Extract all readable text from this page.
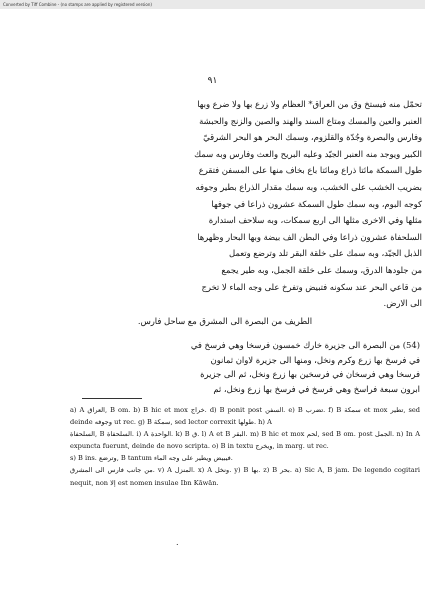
Converted by Tiff Combine - (no stamps are applied by registered version)
٩١

تحمّل منه فيستخ وق من العراق* العظام ولا زرع بها ولا ضرع وبها

العنبر والعين والمسك ومتاع السند والهند والصين والزنج والحبشة

وفارس والبصرة وجُدّة والقلزوم، وسمك البحر هو البحر الشرقيّ

الكبير ويوجد منه العنبر الجيّد وعليه البريح والعث وفارس وبه سمك

طول السمكة مائتا ذراع ومائتا باع بخاف منها على المسفن فتقرع

بضريب الخشب على الخشب، وبه سمك مقدار الذراع بطير وجوفه

كوجه البوم، وبه سمك طول السمكة عشرون ذراعا في جوفها

مثلها وفي الاخرى مثلها الى اربع سمكات، وبه سلاحف استدارة

السلحفاة عشرون ذراعا وفي البطن الف بيضة وبها البحار وظهرها

الذبل الجيّد، وبه سمك على خلقة البقر تلد وترضع وتعمل

من جلودها الدرق، وسمك على خلقة الجمل، وبه طير يجمع

من قاعي البحر عند سكونه فتبيض وتفرخ على وجه الماء لا تخرج

الى الارض.

الطريف من البصرة الى المشرق مع ساحل فارس.

(54) من البصرة الى جزيرة خارك خمسون فرسخا وهي فرسخ في

في فرسخ بها زرع وكرم ونخل، ومنها الى جزيرة لاوان ثمانون

فرسخا وهي فرسخان في فرسخين بها زرع ونخل، ثم الى جزيرة

ابرون سبعة فراسخ وهي فرسخ في فرسخ بها زرع ونخل، ثم

a) A العراق, B om. b) B hic et mox خراج. d) B ponit post السفن. e) B تضرب. f) B سمكة et mox تطير, sed deinde وجوفه ut rec. g) B سمكة, sed lector correxit طولها. h) A

السلحفاة, B السلحفاة. i) A الواحدة. k) B ق. l) A et B البقر. m) B hic et mox لحم, sed B om. post الجمل. n) In A expuncta fuerunt, deinde de novo scripta. o) B in textu ويخرج, in marg. ut rec.

s) B ins. وترضع, B tantum فيبيض ويطير على وجه الماء.

من جانب فارس الى المشرق. v) A المنزل. x) A ونخل. y) B بها. z) B بحر. a) Sic A, B jam. De legendo cogitari nequit, non إلا est nomen insulae Ibn Kāwān.

.
